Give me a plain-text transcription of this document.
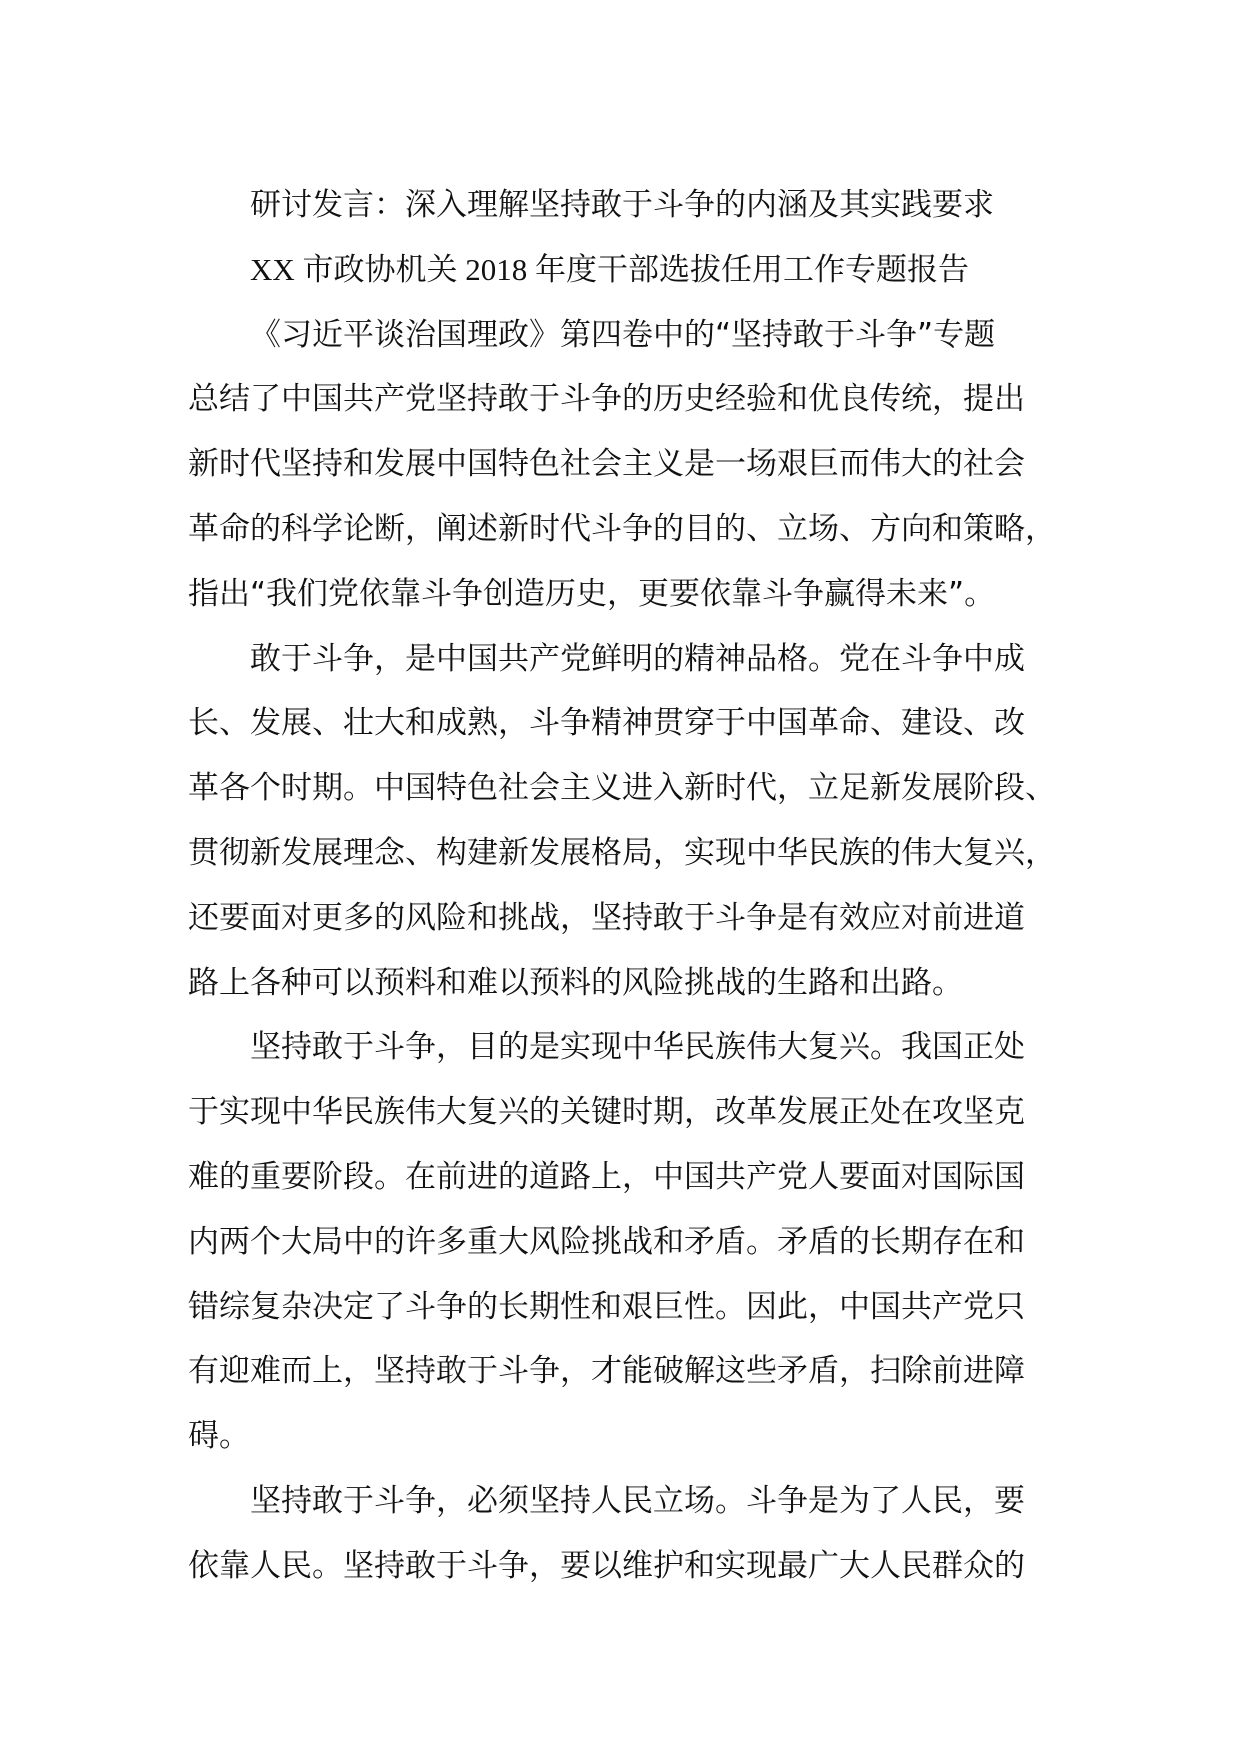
研讨发言：深入理解坚持敢于斗争的内涵及其实践要求
XX 市政协机关 2018 年度干部选拔任用工作专题报告
《习近平谈治国理政》第四卷中的“坚持敢于斗争”专题
总结了中国共产党坚持敢于斗争的历史经验和优良传统，提出
新时代坚持和发展中国特色社会主义是一场艰巨而伟大的社会
革命的科学论断，阐述新时代斗争的目的、立场、方向和策略，
指出“我们党依靠斗争创造历史，更要依靠斗争赢得未来”。
敢于斗争，是中国共产党鲜明的精神品格。党在斗争中成
长、发展、壮大和成熟，斗争精神贯穿于中国革命、建设、改
革各个时期。中国特色社会主义进入新时代，立足新发展阶段、
贯彻新发展理念、构建新发展格局，实现中华民族的伟大复兴，
还要面对更多的风险和挑战，坚持敢于斗争是有效应对前进道
路上各种可以预料和难以预料的风险挑战的生路和出路。
坚持敢于斗争，目的是实现中华民族伟大复兴。我国正处
于实现中华民族伟大复兴的关键时期，改革发展正处在攻坚克
难的重要阶段。在前进的道路上，中国共产党人要面对国际国
内两个大局中的许多重大风险挑战和矛盾。矛盾的长期存在和
错综复杂决定了斗争的长期性和艰巨性。因此，中国共产党只
有迎难而上，坚持敢于斗争，才能破解这些矛盾，扫除前进障
碍。
坚持敢于斗争，必须坚持人民立场。斗争是为了人民，要
依靠人民。坚持敢于斗争，要以维护和实现最广大人民群众的
